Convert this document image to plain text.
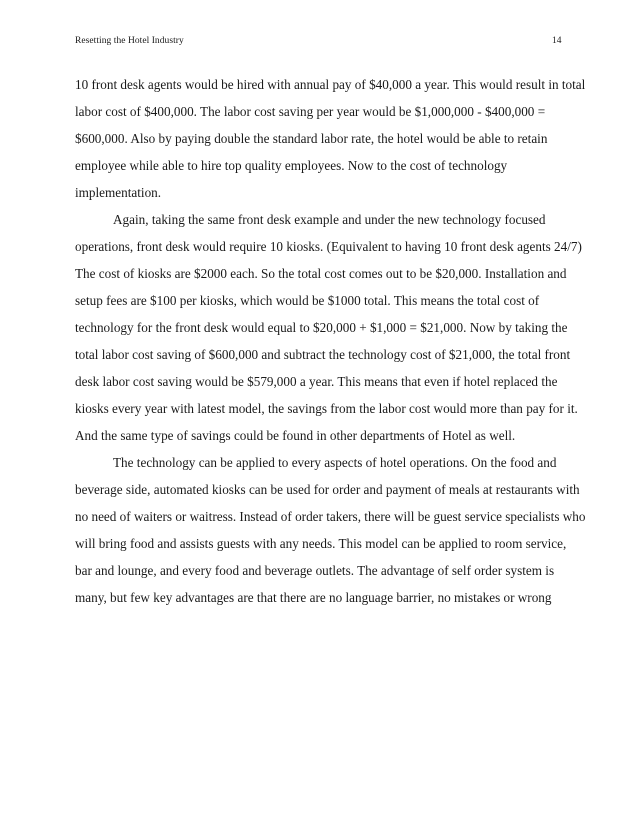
Resetting the Hotel Industry	14
10 front desk agents would be hired with annual pay of $40,000 a year. This would result in total
labor cost of $400,000. The labor cost saving per year would be $1,000,000 - $400,000 =
$600,000. Also by paying double the standard labor rate, the hotel would be able to retain
employee while able to hire top quality employees. Now to the cost of technology
implementation.
Again, taking the same front desk example and under the new technology focused
operations, front desk would require 10 kiosks. (Equivalent to having 10 front desk agents 24/7)
The cost of kiosks are $2000 each. So the total cost comes out to be $20,000. Installation and
setup fees are $100 per kiosks, which would be $1000 total. This means the total cost of
technology for the front desk would equal to $20,000 + $1,000 = $21,000. Now by taking the
total labor cost saving of $600,000 and subtract the technology cost of $21,000, the total front
desk labor cost saving would be $579,000 a year. This means that even if hotel replaced the
kiosks every year with latest model, the savings from the labor cost would more than pay for it.
And the same type of savings could be found in other departments of Hotel as well.
The technology can be applied to every aspects of hotel operations. On the food and
beverage side, automated kiosks can be used for order and payment of meals at restaurants with
no need of waiters or waitress. Instead of order takers, there will be guest service specialists who
will bring food and assists guests with any needs. This model can be applied to room service,
bar and lounge, and every food and beverage outlets. The advantage of self order system is
many, but few key advantages are that there are no language barrier, no mistakes or wrong
